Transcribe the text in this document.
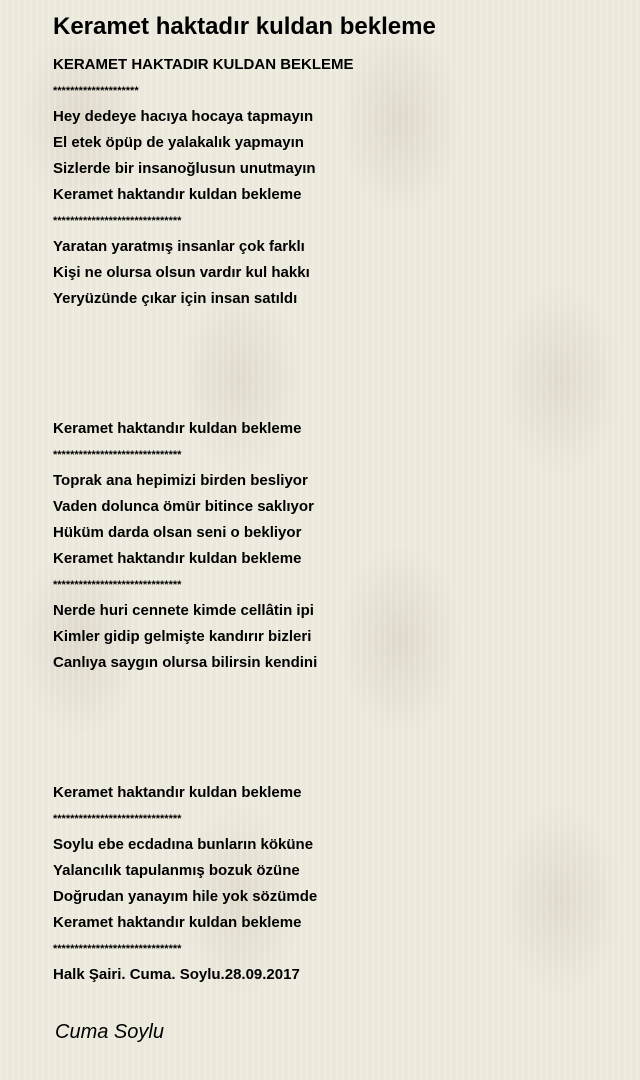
Keramet haktadır kuldan bekleme
KERAMET HAKTADIR KULDAN BEKLEME
********************
Hey dedeye hacıya hocaya tapmayın
El etek öpüp de yalakalık yapmayın
Sizlerde bir insanoğlusun unutmayın
Keramet haktandır kuldan bekleme
******************************
Yaratan yaratmış insanlar çok farklı
Kişi ne olursa olsun vardır kul hakkı
Yeryüzünde çıkar için insan satıldı
Keramet haktandır kuldan bekleme
******************************
Toprak ana hepimizi birden besliyor
Vaden dolunca ömür bitince saklıyor
Hüküm darda olsan seni o bekliyor
Keramet haktandır kuldan bekleme
******************************
Nerde huri cennete kimde cellâtin ipi
Kimler gidip gelmişte kandırır bizleri
Canlıya saygın olursa bilirsin kendini
Keramet haktandır kuldan bekleme
******************************
Soylu ebe ecdadına bunların köküne
Yalancılık tapulanmış bozuk özüne
Doğrudan yanayım hile yok sözümde
Keramet haktandır kuldan bekleme
******************************
Halk Şairi. Cuma. Soylu.28.09.2017
Cuma Soylu
